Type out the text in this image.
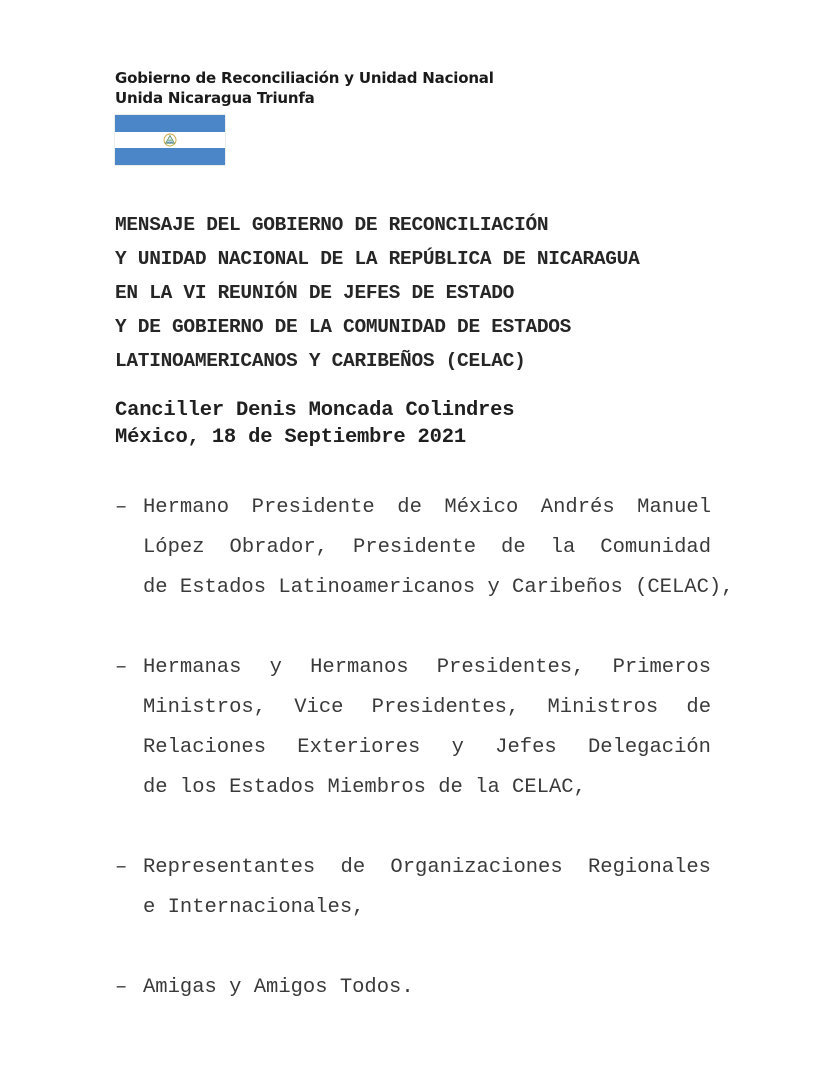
Gobierno de Reconciliación y Unidad Nacional
Unida Nicaragua Triunfa
MENSAJE DEL GOBIERNO DE RECONCILIACIÓN
Y UNIDAD NACIONAL DE LA REPÚBLICA DE NICARAGUA
EN LA VI REUNIÓN DE JEFES DE ESTADO
Y DE GOBIERNO DE LA COMUNIDAD DE ESTADOS
LATINOAMERICANOS Y CARIBEÑOS (CELAC)
Canciller Denis Moncada Colindres
México, 18 de Septiembre 2021
– Hermano Presidente de México Andrés Manuel
López Obrador, Presidente de la Comunidad
de Estados Latinoamericanos y Caribeños (CELAC),
– Hermanas y Hermanos Presidentes, Primeros
Ministros, Vice Presidentes, Ministros de
Relaciones Exteriores y Jefes Delegación
de los Estados Miembros de la CELAC,
– Representantes de Organizaciones Regionales
e Internacionales,
– Amigas y Amigos Todos.
